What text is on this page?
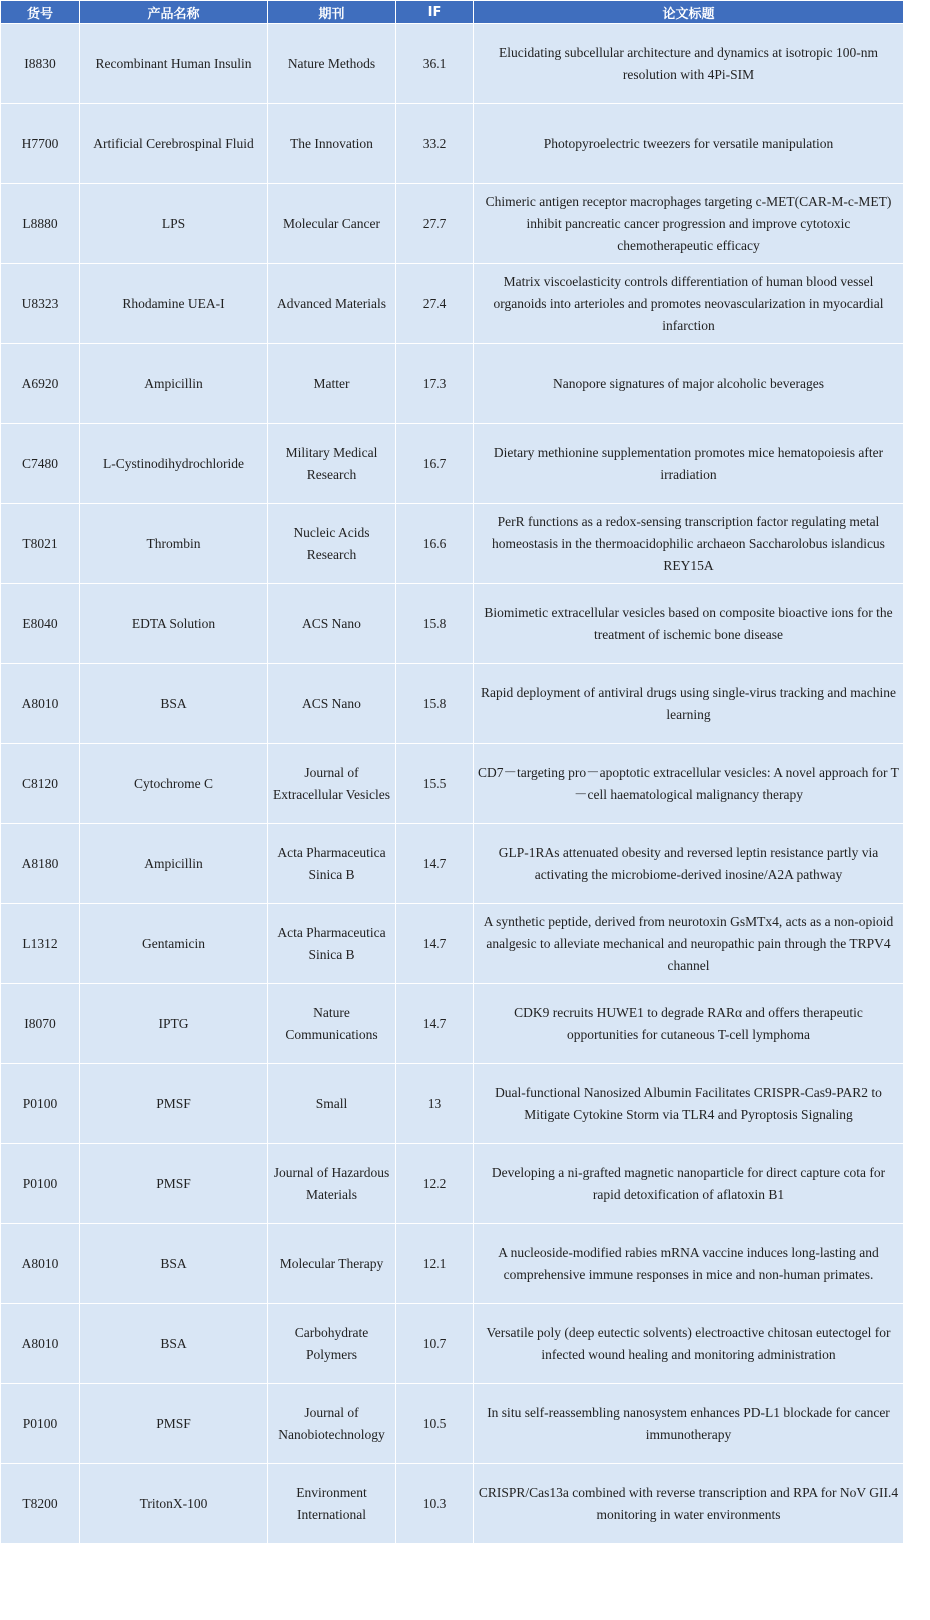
货号	产品名称	期刊	IF	论文标题
I8830	Recombinant Human Insulin	Nature Methods	36.1	Elucidating subcellular architecture and dynamics at isotropic 100-nm resolution with 4Pi-SIM
H7700	Artificial Cerebrospinal Fluid	The Innovation	33.2	Photopyroelectric tweezers for versatile manipulation
L8880	LPS	Molecular Cancer	27.7	Chimeric antigen receptor macrophages targeting c-MET(CAR-M-c-MET) inhibit pancreatic cancer progression and improve cytotoxic chemotherapeutic efficacy
U8323	Rhodamine UEA-I	Advanced Materials	27.4	Matrix viscoelasticity controls differentiation of human blood vessel organoids into arterioles and promotes neovascularization in myocardial infarction
A6920	Ampicillin	Matter	17.3	Nanopore signatures of major alcoholic beverages
C7480	L-Cystinodihydrochloride	Military Medical Research	16.7	Dietary methionine supplementation promotes mice hematopoiesis after irradiation
T8021	Thrombin	Nucleic Acids Research	16.6	PerR functions as a redox-sensing transcription factor regulating metal homeostasis in the thermoacidophilic archaeon Saccharolobus islandicus REY15A
E8040	EDTA Solution	ACS Nano	15.8	Biomimetic extracellular vesicles based on composite bioactive ions for the treatment of ischemic bone disease
A8010	BSA	ACS Nano	15.8	Rapid deployment of antiviral drugs using single-virus tracking and machine learning
C8120	Cytochrome C	Journal of Extracellular Vesicles	15.5	CD7－targeting pro－apoptotic extracellular vesicles: A novel approach for T－cell haematological malignancy therapy
A8180	Ampicillin	Acta Pharmaceutica Sinica B	14.7	GLP-1RAs attenuated obesity and reversed leptin resistance partly via activating the microbiome-derived inosine/A2A pathway
L1312	Gentamicin	Acta Pharmaceutica Sinica B	14.7	A synthetic peptide, derived from neurotoxin GsMTx4, acts as a non-opioid analgesic to alleviate mechanical and neuropathic pain through the TRPV4 channel
I8070	IPTG	Nature Communications	14.7	CDK9 recruits HUWE1 to degrade RARα and offers therapeutic opportunities for cutaneous T-cell lymphoma
P0100	PMSF	Small	13	Dual-functional Nanosized Albumin Facilitates CRISPR-Cas9-PAR2 to Mitigate Cytokine Storm via TLR4 and Pyroptosis Signaling
P0100	PMSF	Journal of Hazardous Materials	12.2	Developing a ni-grafted magnetic nanoparticle for direct capture cota for rapid detoxification of aflatoxin B1
A8010	BSA	Molecular Therapy	12.1	A nucleoside-modified rabies mRNA vaccine induces long-lasting and comprehensive immune responses in mice and non-human primates.
A8010	BSA	Carbohydrate Polymers	10.7	Versatile poly (deep eutectic solvents) electroactive chitosan eutectogel for infected wound healing and monitoring administration
P0100	PMSF	Journal of Nanobiotechnology	10.5	In situ self-reassembling nanosystem enhances PD-L1 blockade for cancer immunotherapy
T8200	TritonX-100	Environment International	10.3	CRISPR/Cas13a combined with reverse transcription and RPA for NoV GII.4 monitoring in water environments
